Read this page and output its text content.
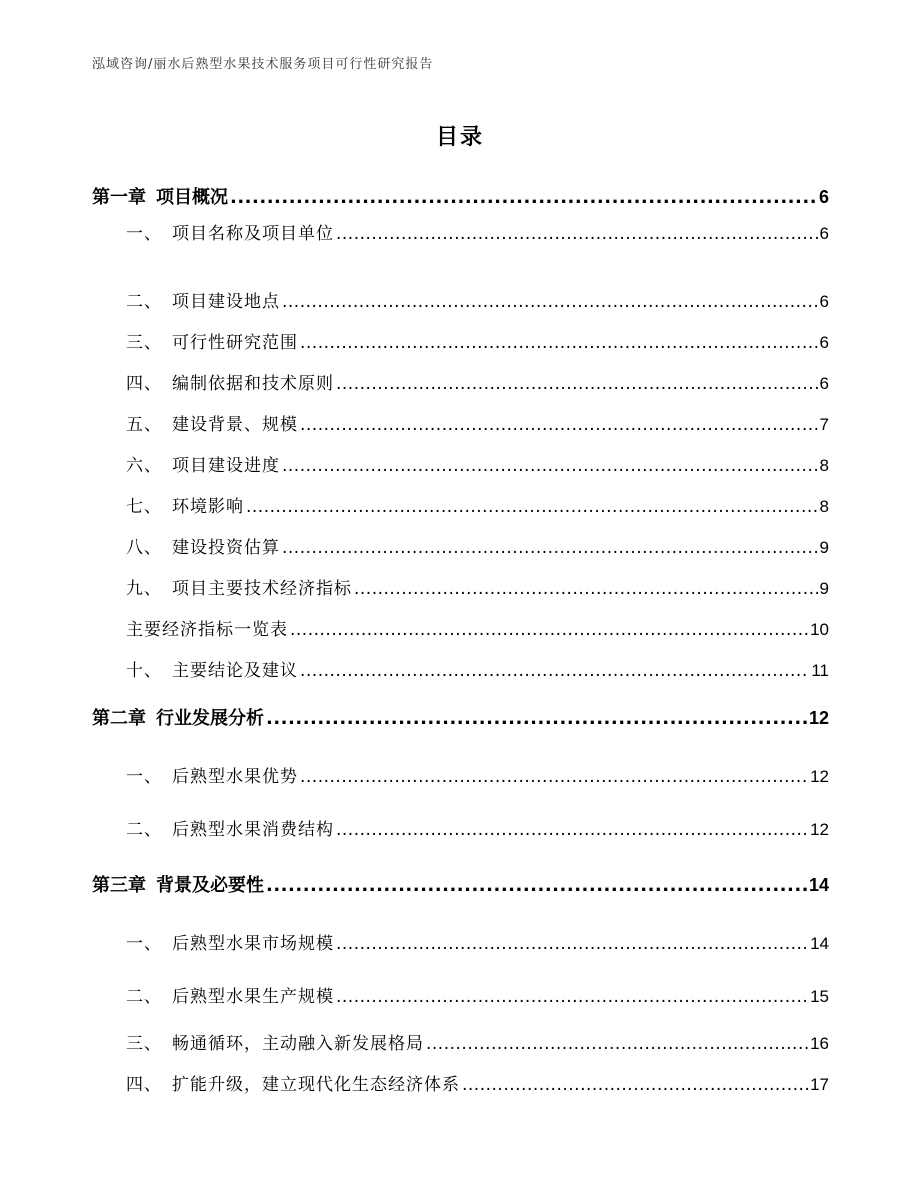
泓域咨询/丽水后熟型水果技术服务项目可行性研究报告
目录
第一章 项目概况 .....	6
一、 项目名称及项目单位 .....	6
二、 项目建设地点 .....	6
三、 可行性研究范围 .....	6
四、 编制依据和技术原则 .....	6
五、 建设背景、规模 .....	7
六、 项目建设进度 .....	8
七、 环境影响 .....	8
八、 建设投资估算 .....	9
九、 项目主要技术经济指标 .....	9
主要经济指标一览表 .....	10
十、 主要结论及建议 .....	11
第二章 行业发展分析 .....	12
一、 后熟型水果优势 .....	12
二、 后熟型水果消费结构 .....	12
第三章 背景及必要性 .....	14
一、 后熟型水果市场规模 .....	14
二、 后熟型水果生产规模 .....	15
三、 畅通循环，主动融入新发展格局 .....	16
四、 扩能升级，建立现代化生态经济体系 .....	17
